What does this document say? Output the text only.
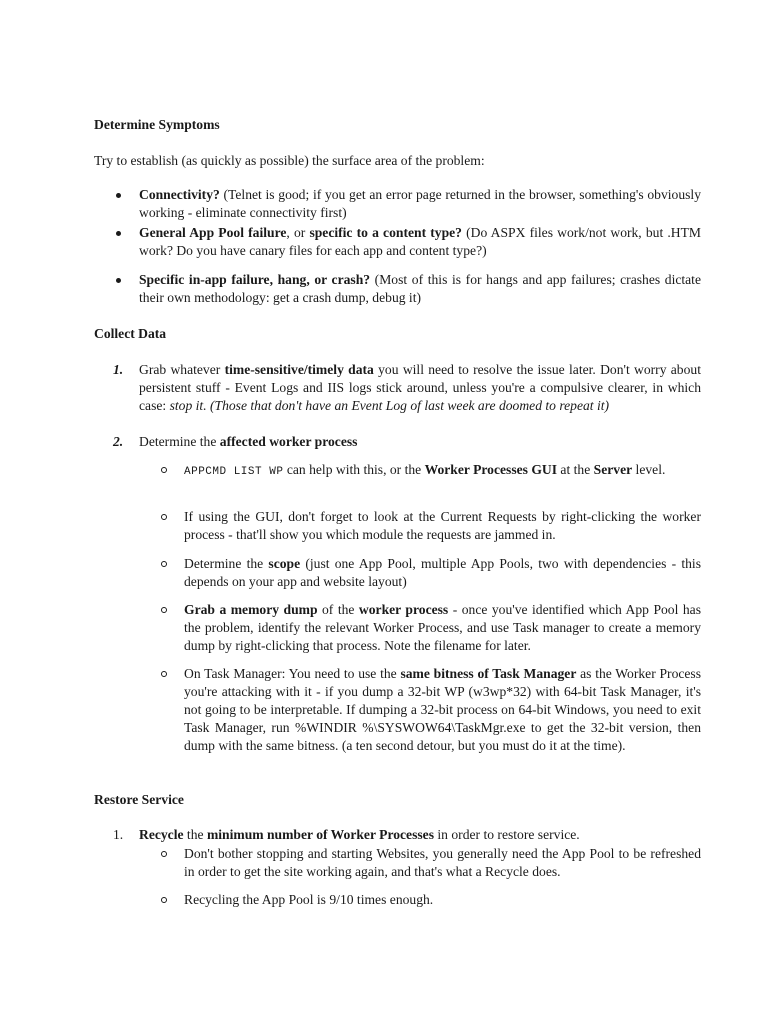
Determine Symptoms

Try to establish (as quickly as possible) the surface area of the problem:

Connectivity? (Telnet is good; if you get an error page returned in the browser, something's obviously working - eliminate connectivity first)

General App Pool failure, or specific to a content type? (Do ASPX files work/not work, but .HTM work? Do you have canary files for each app and content type?)

Specific in-app failure, hang, or crash? (Most of this is for hangs and app failures; crashes dictate their own methodology: get a crash dump, debug it)

Collect Data
1. Grab whatever time-sensitive/timely data you will need to resolve the issue later. Don't worry about persistent stuff - Event Logs and IIS logs stick around, unless you're a compulsive clearer, in which case: stop it. (Those that don't have an Event Log of last week are doomed to repeat it)

2. Determine the affected worker process

APPCMD LIST WP can help with this, or the Worker Processes GUI at the Server level.

If using the GUI, don't forget to look at the Current Requests by right-clicking the worker process - that'll show you which module the requests are jammed in.

Determine the scope (just one App Pool, multiple App Pools, two with dependencies - this depends on your app and website layout)

Grab a memory dump of the worker process - once you've identified which App Pool has the problem, identify the relevant Worker Process, and use Task manager to create a memory dump by right-clicking that process. Note the filename for later.

On Task Manager: You need to use the same bitness of Task Manager as the Worker Process you're attacking with it - if you dump a 32-bit WP (w3wp*32) with 64-bit Task Manager, it's not going to be interpretable. If dumping a 32-bit process on 64-bit Windows, you need to exit Task Manager, run %WINDIR %\SYSWOW64\TaskMgr.exe to get the 32-bit version, then dump with the same bitness. (a ten second detour, but you must do it at the time).

Restore Service
1. Recycle the minimum number of Worker Processes in order to restore service.

Don't bother stopping and starting Websites, you generally need the App Pool to be refreshed in order to get the site working again, and that's what a Recycle does.

Recycling the App Pool is 9/10 times enough.
